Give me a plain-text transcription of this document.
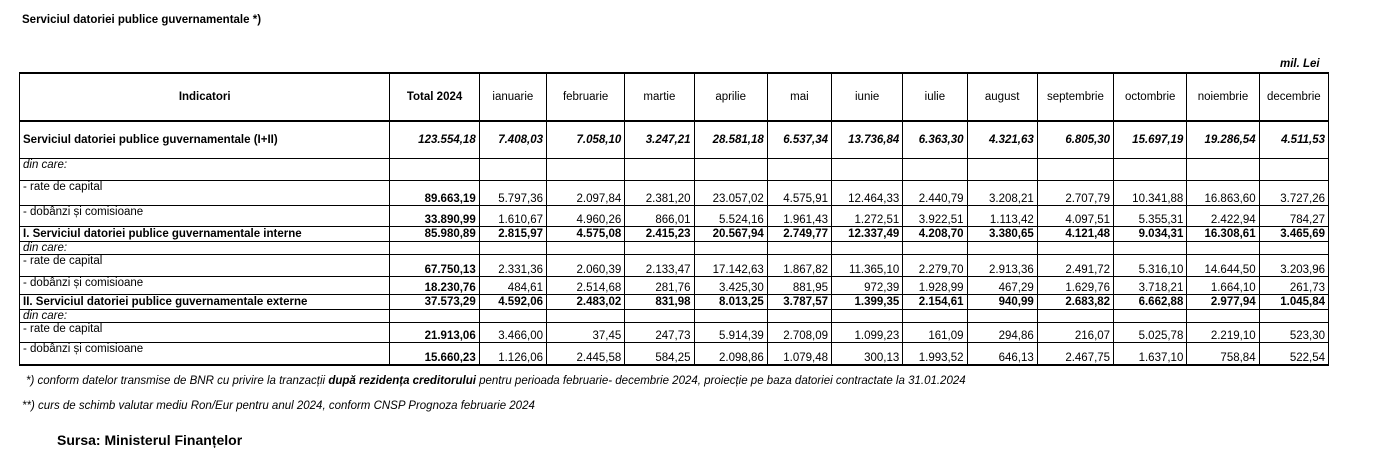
Serviciul datoriei publice guvernamentale *)
mil. Lei
Indicatori	Total 2024	ianuarie	februarie	martie	aprilie	mai	iunie	iulie	august	septembrie	octombrie	noiembrie	decembrie
Serviciul datoriei publice guvernamentale (I+II)	123.554,18	7.408,03	7.058,10	3.247,21	28.581,18	6.537,34	13.736,84	6.363,30	4.321,63	6.805,30	15.697,19	19.286,54	4.511,53
din care:													
- rate de capital	89.663,19	5.797,36	2.097,84	2.381,20	23.057,02	4.575,91	12.464,33	2.440,79	3.208,21	2.707,79	10.341,88	16.863,60	3.727,26
- dobânzi și comisioane	33.890,99	1.610,67	4.960,26	866,01	5.524,16	1.961,43	1.272,51	3.922,51	1.113,42	4.097,51	5.355,31	2.422,94	784,27
I. Serviciul datoriei publice guvernamentale interne	85.980,89	2.815,97	4.575,08	2.415,23	20.567,94	2.749,77	12.337,49	4.208,70	3.380,65	4.121,48	9.034,31	16.308,61	3.465,69
din care:													
- rate de capital	67.750,13	2.331,36	2.060,39	2.133,47	17.142,63	1.867,82	11.365,10	2.279,70	2.913,36	2.491,72	5.316,10	14.644,50	3.203,96
- dobânzi și comisioane	18.230,76	484,61	2.514,68	281,76	3.425,30	881,95	972,39	1.928,99	467,29	1.629,76	3.718,21	1.664,10	261,73
II. Serviciul datoriei publice guvernamentale externe	37.573,29	4.592,06	2.483,02	831,98	8.013,25	3.787,57	1.399,35	2.154,61	940,99	2.683,82	6.662,88	2.977,94	1.045,84
din care:													
- rate de capital	21.913,06	3.466,00	37,45	247,73	5.914,39	2.708,09	1.099,23	161,09	294,86	216,07	5.025,78	2.219,10	523,30
- dobânzi și comisioane	15.660,23	1.126,06	2.445,58	584,25	2.098,86	1.079,48	300,13	1.993,52	646,13	2.467,75	1.637,10	758,84	522,54
*) conform datelor transmise de BNR cu privire la tranzacții după rezidența creditorului pentru perioada februarie- decembrie 2024, proiecție pe baza datoriei contractate la 31.01.2024
**) curs de schimb valutar mediu Ron/Eur pentru anul 2024, conform CNSP Prognoza februarie 2024
Sursa: Ministerul Finanțelor
